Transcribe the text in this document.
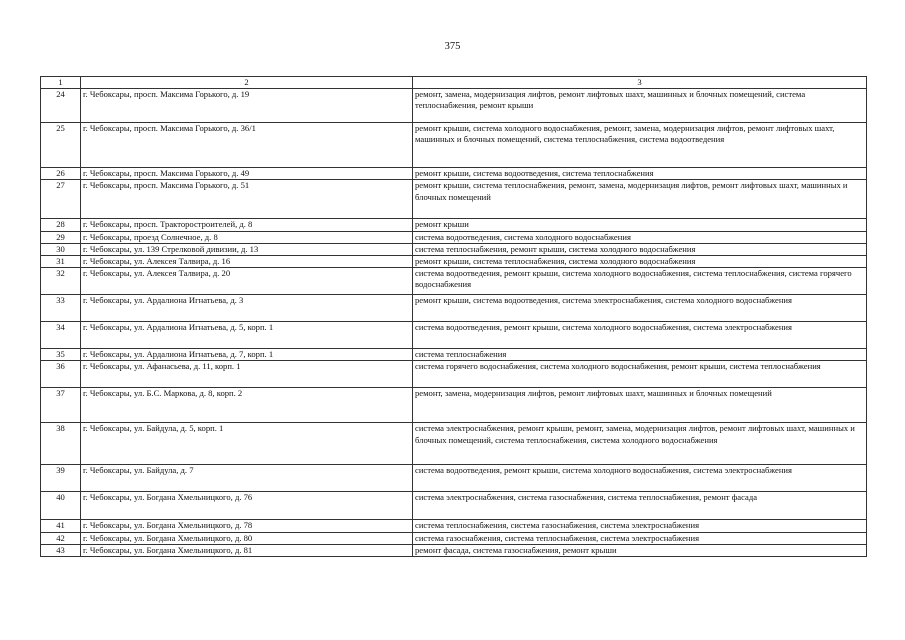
375
1	2	3
24	г. Чебоксары, просп. Максима Горького, д. 19	ремонт, замена, модернизация лифтов, ремонт лифтовых шахт, машинных и блочных помещений, система теплоснабжения, ремонт крыши
25	г. Чебоксары, просп. Максима Горького, д. 36/1	ремонт крыши, система холодного водоснабжения, ремонт, замена, модернизация лифтов, ремонт лифтовых шахт, машинных и блочных помещений, система теплоснабжения, система водоотведения
26	г. Чебоксары, просп. Максима Горького, д. 49	ремонт крыши, система водоотведения, система теплоснабжения
27	г. Чебоксары, просп. Максима Горького, д. 51	ремонт крыши, система теплоснабжения, ремонт, замена, модернизация лифтов, ремонт лифтовых шахт, машинных и блочных помещений
28	г. Чебоксары, просп. Тракторостроителей, д. 8	ремонт крыши
29	г. Чебоксары, проезд Солнечное, д. 8	система водоотведения, система холодного водоснабжения
30	г. Чебоксары, ул. 139 Стрелковой дивизии, д. 13	система теплоснабжения, ремонт крыши, система холодного водоснабжения
31	г. Чебоксары, ул. Алексея Талвира, д. 16	ремонт крыши, система теплоснабжения, система холодного водоснабжения
32	г. Чебоксары, ул. Алексея Талвира, д. 20	система водоотведения, ремонт крыши, система холодного водоснабжения, система теплоснабжения, система горячего водоснабжения
33	г. Чебоксары, ул. Ардалиона Игнатьева, д. 3	ремонт крыши, система водоотведения, система электроснабжения, система холодного водоснабжения
34	г. Чебоксары, ул. Ардалиона Игнатьева, д. 5, корп. 1	система водоотведения, ремонт крыши, система холодного водоснабжения, система электроснабжения
35	г. Чебоксары, ул. Ардалиона Игнатьева, д. 7, корп. 1	система теплоснабжения
36	г. Чебоксары, ул. Афанасьева, д. 11, корп. 1	система горячего водоснабжения, система холодного водоснабжения, ремонт крыши, система теплоснабжения
37	г. Чебоксары, ул. Б.С. Маркова, д. 8, корп. 2	ремонт, замена, модернизация лифтов, ремонт лифтовых шахт, машинных и блочных помещений
38	г. Чебоксары, ул. Байдула, д. 5, корп. 1	система электроснабжения, ремонт крыши, ремонт, замена, модернизация лифтов, ремонт лифтовых шахт, машинных и блочных помещений, система теплоснабжения, система холодного водоснабжения
39	г. Чебоксары, ул. Байдула, д. 7	система водоотведения, ремонт крыши, система холодного водоснабжения, система электроснабжения
40	г. Чебоксары, ул. Богдана Хмельницкого, д. 76	система электроснабжения, система газоснабжения, система теплоснабжения, ремонт фасада
41	г. Чебоксары, ул. Богдана Хмельницкого, д. 78	система теплоснабжения, система газоснабжения, система электроснабжения
42	г. Чебоксары, ул. Богдана Хмельницкого, д. 80	система газоснабжения, система теплоснабжения, система электроснабжения
43	г. Чебоксары, ул. Богдана Хмельницкого, д. 81	ремонт фасада, система газоснабжения, ремонт крыши
